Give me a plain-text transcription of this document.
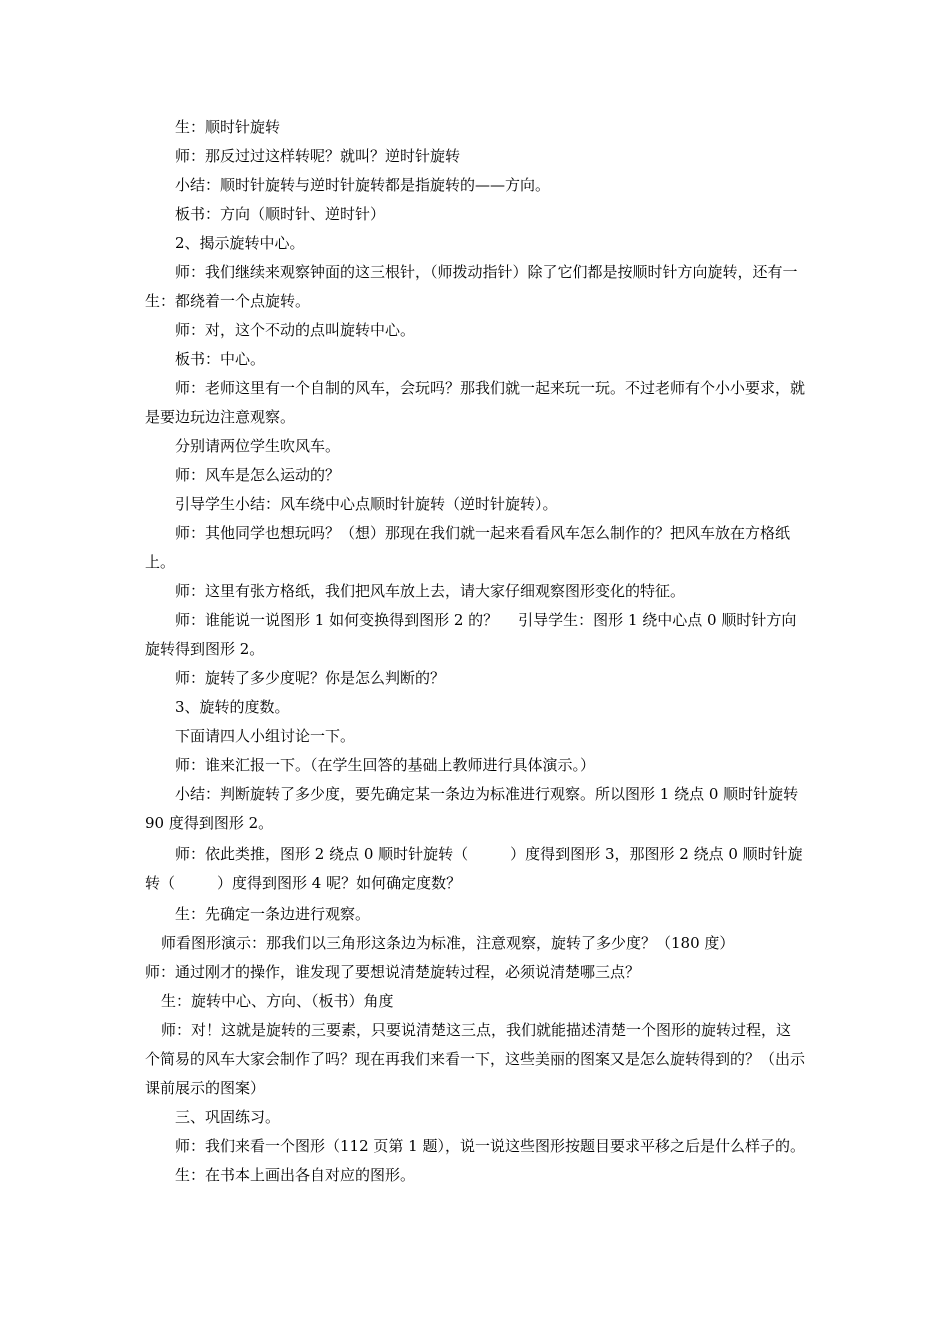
生：顺时针旋转

师：那反过过这样转呢？就叫？逆时针旋转

小结：顺时针旋转与逆时针旋转都是指旋转的——方向。

板书：方向（顺时针、逆时针）

2、揭示旋转中心。

师：我们继续来观察钟面的这三根针，（师拨动指针）除了它们都是按顺时针方向旋转，还有一生：都绕着一个点旋转。

师：对，这个不动的点叫旋转中心。

板书：中心。

师：老师这里有一个自制的风车，会玩吗？那我们就一起来玩一玩。不过老师有个小小要求，就是要边玩边注意观察。

分别请两位学生吹风车。

师：风车是怎么运动的？

引导学生小结：风车绕中心点顺时针旋转（逆时针旋转）。

师：其他同学也想玩吗？（想）那现在我们就一起来看看风车怎么制作的？把风车放在方格纸上。

师：这里有张方格纸，我们把风车放上去，请大家仔细观察图形变化的特征。

师：谁能说一说图形 1 如何变换得到图形 2 的？ 引导学生：图形 1 绕中心点 0 顺时针方向旋转得到图形 2。

师：旋转了多少度呢？你是怎么判断的？

3、旋转的度数。

下面请四人小组讨论一下。

师：谁来汇报一下。（在学生回答的基础上教师进行具体演示。）

小结：判断旋转了多少度，要先确定某一条边为标准进行观察。所以图形 1 绕点 0 顺时针旋转 90 度得到图形 2。

师：依此类推，图形 2 绕点 0 顺时针旋转（	）度得到图形 3，那图形 2 绕点 0 顺时针旋转（	）度得到图形 4 呢？如何确定度数？

生：先确定一条边进行观察。

师看图形演示：那我们以三角形这条边为标准，注意观察，旋转了多少度？（180 度）

师：通过刚才的操作，谁发现了要想说清楚旋转过程，必须说清楚哪三点？

生：旋转中心、方向、（板书）角度

师：对！这就是旋转的三要素，只要说清楚这三点，我们就能描述清楚一个图形的旋转过程，这个简易的风车大家会制作了吗？现在再我们来看一下，这些美丽的图案又是怎么旋转得到的？（出示课前展示的图案）

三、巩固练习。

师：我们来看一个图形（112 页第 1 题），说一说这些图形按题目要求平移之后是什么样子的。

生：在书本上画出各自对应的图形。
